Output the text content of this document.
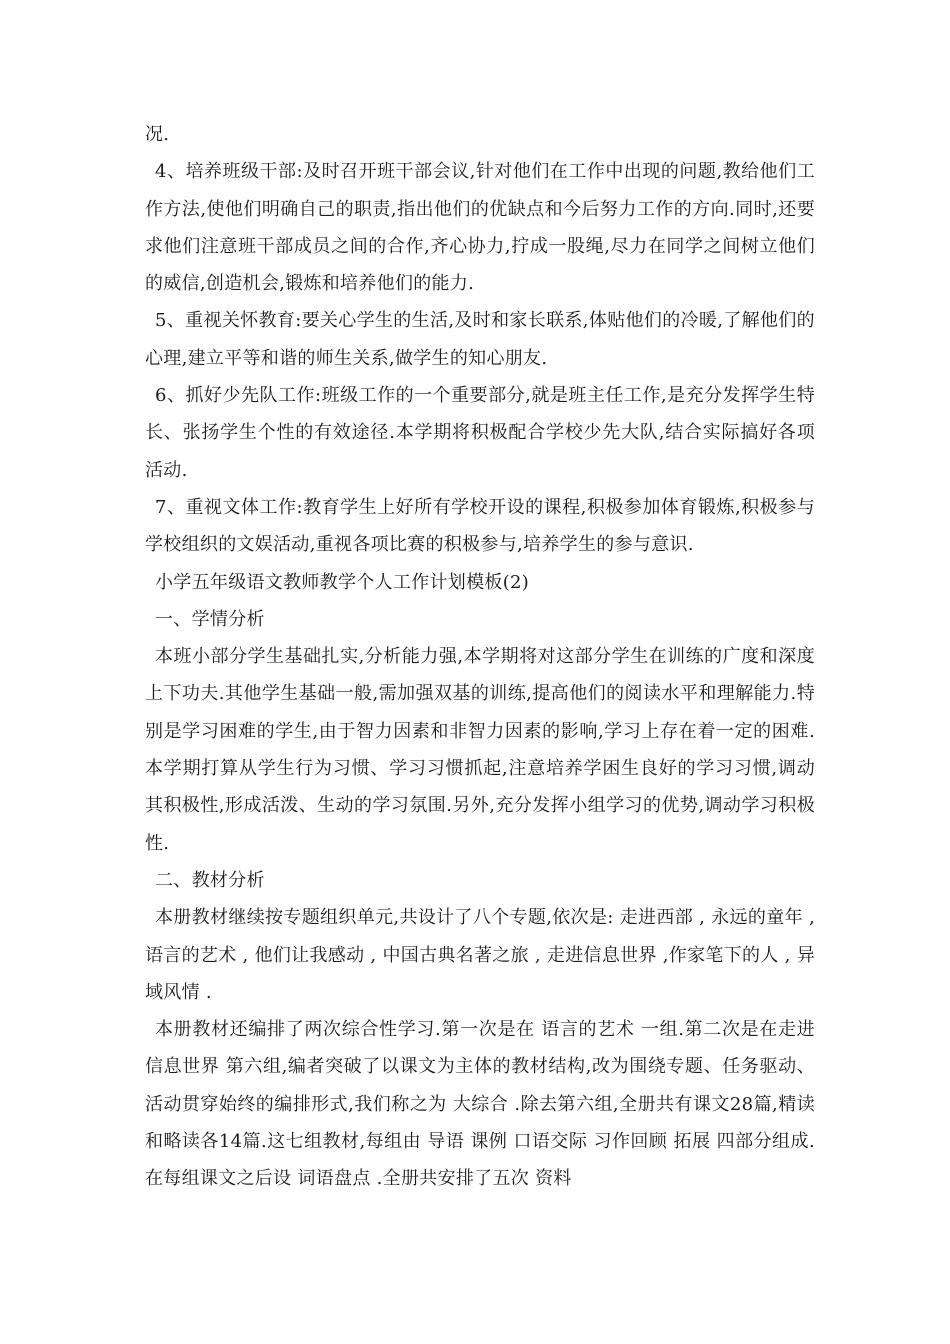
况.

4、培养班级干部:及时召开班干部会议,针对他们在工作中出现的问题,教给他们工作方法,使他们明确自己的职责,指出他们的优缺点和今后努力工作的方向.同时,还要求他们注意班干部成员之间的合作,齐心协力,拧成一股绳,尽力在同学之间树立他们的威信,创造机会,锻炼和培养他们的能力.

5、重视关怀教育:要关心学生的生活,及时和家长联系,体贴他们的冷暖,了解他们的心理,建立平等和谐的师生关系,做学生的知心朋友.

6、抓好少先队工作:班级工作的一个重要部分,就是班主任工作,是充分发挥学生特长、张扬学生个性的有效途径.本学期将积极配合学校少先大队,结合实际搞好各项活动.

7、重视文体工作:教育学生上好所有学校开设的课程,积极参加体育锻炼,积极参与学校组织的文娱活动,重视各项比赛的积极参与,培养学生的参与意识.

小学五年级语文教师教学个人工作计划模板(2)

一、学情分析

本班小部分学生基础扎实,分析能力强,本学期将对这部分学生在训练的广度和深度上下功夫.其他学生基础一般,需加强双基的训练,提高他们的阅读水平和理解能力.特别是学习困难的学生,由于智力因素和非智力因素的影响,学习上存在着一定的困难.本学期打算从学生行为习惯、学习习惯抓起,注意培养学困生良好的学习习惯,调动其积极性,形成活泼、生动的学习氛围.另外,充分发挥小组学习的优势,调动学习积极性.

二、教材分析

本册教材继续按专题组织单元,共设计了八个专题,依次是: 走进西部 , 永远的童年 , 语言的艺术 , 他们让我感动 , 中国古典名著之旅 , 走进信息世界 ,作家笔下的人 , 异域风情 .

本册教材还编排了两次综合性学习.第一次是在 语言的艺术 一组.第二次是在走进信息世界 第六组,编者突破了以课文为主体的教材结构,改为围绕专题、任务驱动、活动贯穿始终的编排形式,我们称之为 大综合 .除去第六组,全册共有课文28篇,精读和略读各14篇.这七组教材,每组由 导语 课例 口语交际 习作回顾 拓展 四部分组成.在每组课文之后设 词语盘点 .全册共安排了五次 资料
